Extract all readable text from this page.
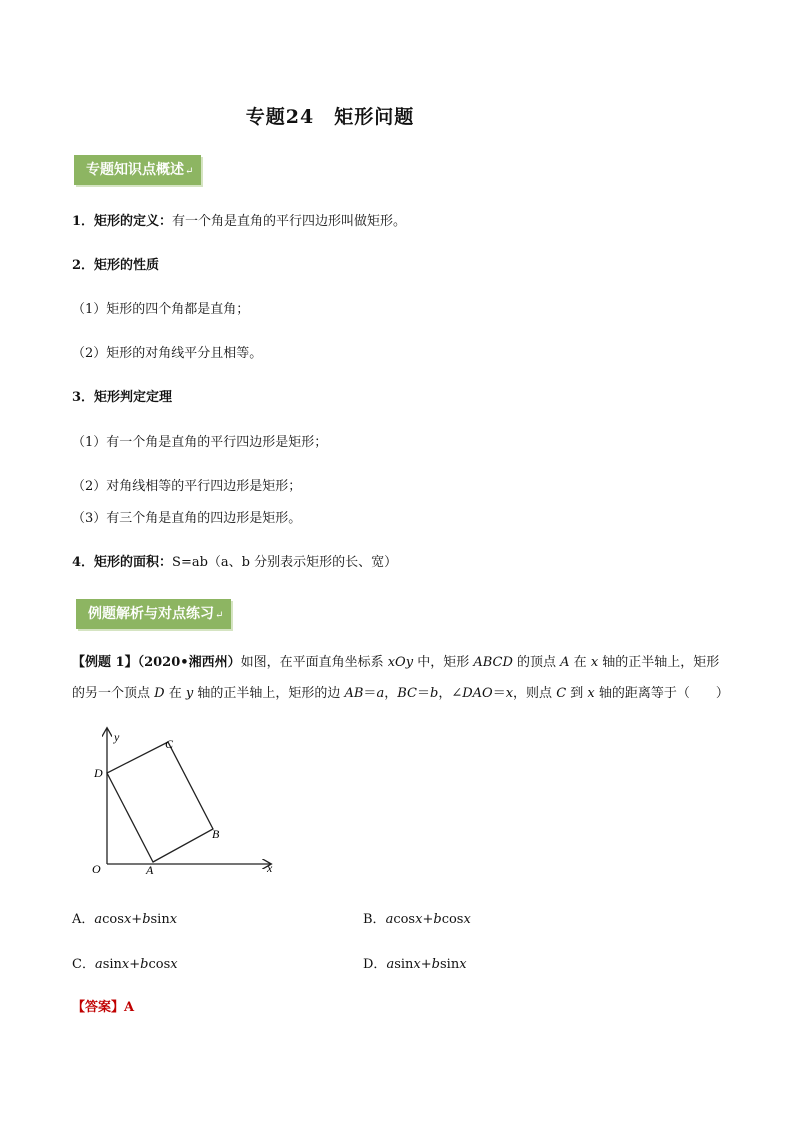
专题24　矩形问题
专题知识点概述↵
1．矩形的定义：有一个角是直角的平行四边形叫做矩形。
2．矩形的性质
（1）矩形的四个角都是直角；
（2）矩形的对角线平分且相等。
3．矩形判定定理
（1）有一个角是直角的平行四边形是矩形；
（2）对角线相等的平行四边形是矩形；
（3）有三个角是直角的四边形是矩形。
4．矩形的面积：S=ab（a、b 分别表示矩形的长、宽）
例题解析与对点练习↵
【例题 1】（2020•湘西州）如图，在平面直角坐标系 xOy 中，矩形 ABCD 的顶点 A 在 x 轴的正半轴上，矩形
的另一个顶点 D 在 y 轴的正半轴上，矩形的边 AB＝a，BC＝b，∠DAO＝x，则点 C 到 x 轴的距离等于（　　）
y
x
O	A
B
C
D
A．acosx+bsinx	B．acosx+bcosx
C．asinx+bcosx	D．asinx+bsinx
【答案】A
